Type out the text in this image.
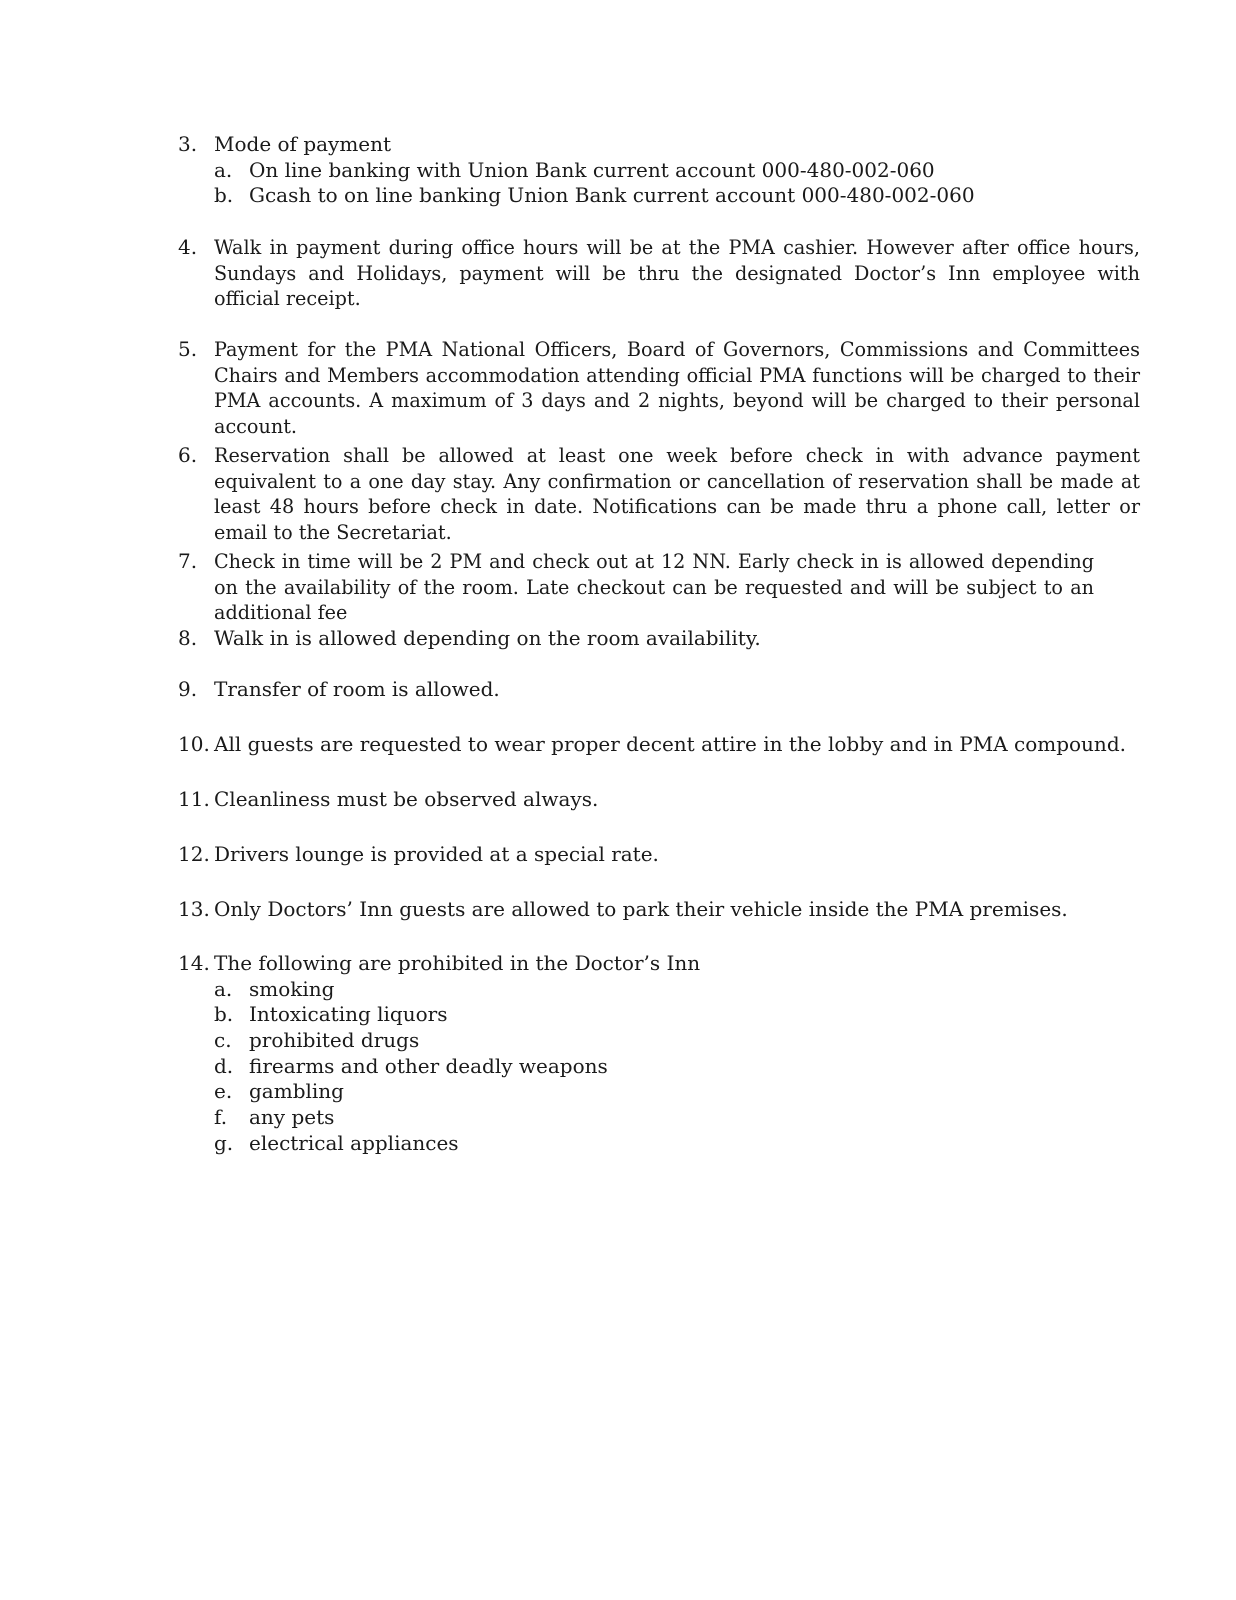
3. Mode of payment
a. On line banking with Union Bank current account 000-480-002-060
b. Gcash to on line banking Union Bank current account 000-480-002-060
4. Walk in payment during office hours will be at the PMA cashier. However after office hours, Sundays and Holidays, payment will be thru the designated Doctor’s Inn employee with official receipt.
5. Payment for the PMA National Officers, Board of Governors, Commissions and Committees Chairs and Members accommodation attending official PMA functions will be charged to their PMA accounts. A maximum of 3 days and 2 nights, beyond will be charged to their personal account.
6. Reservation shall be allowed at least one week before check in with advance payment equivalent to a one day stay. Any confirmation or cancellation of reservation shall be made at least 48 hours before check in date. Notifications can be made thru a phone call, letter or email to the Secretariat.
7. Check in time will be 2 PM and check out at 12 NN. Early check in is allowed depending on the availability of the room. Late checkout can be requested and will be subject to an additional fee
8. Walk in is allowed depending on the room availability.
9. Transfer of room is allowed.
10. All guests are requested to wear proper decent attire in the lobby and in PMA compound.
11. Cleanliness must be observed always.
12. Drivers lounge is provided at a special rate.
13. Only Doctors’ Inn guests are allowed to park their vehicle inside the PMA premises.
14. The following are prohibited in the Doctor’s Inn
a. smoking
b. Intoxicating liquors
c. prohibited drugs
d. firearms and other deadly weapons
e. gambling
f. any pets
g. electrical appliances
